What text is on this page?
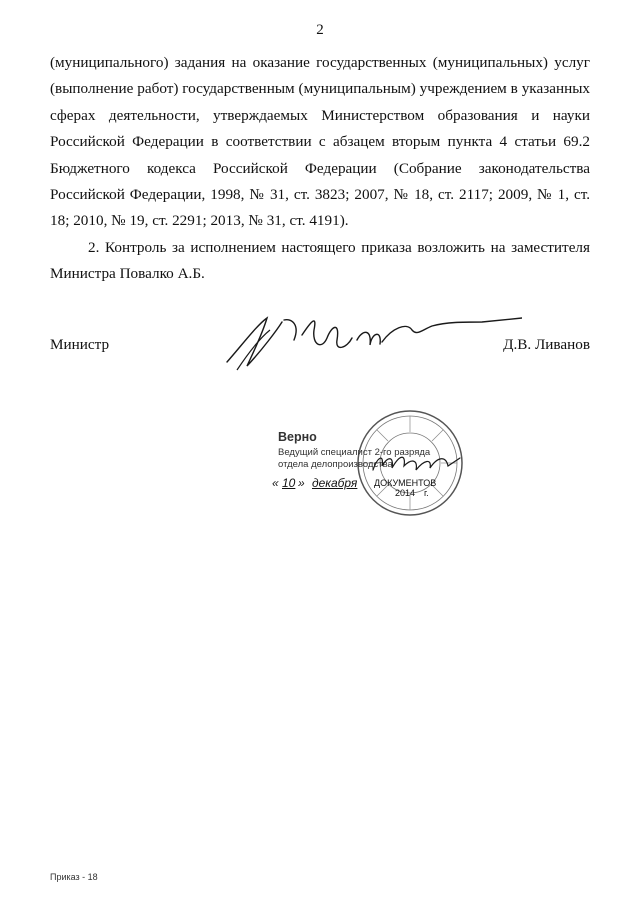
2

(муниципального) задания на оказание государственных (муниципальных) услуг (выполнение работ) государственным (муниципальным) учреждением в указанных сферах деятельности, утверждаемых Министерством образования и науки Российской Федерации в соответствии с абзацем вторым пункта 4 статьи 69.2 Бюджетного кодекса Российской Федерации (Собрание законодательства Российской Федерации, 1998, № 31, ст. 3823; 2007, № 18, ст. 2117; 2009, № 1, ст. 18; 2010, № 19, ст. 2291; 2013, № 31, ст. 4191).

2. Контроль за исполнением настоящего приказа возложить на заместителя Министра Повалко А.Б.

Министр	Д.В. Ливанов
Верно
Ведущий специалист 2-го разряда
отдела делопроизводства
« 10 » декабря ДОКУМЕНТОВ
2014 г.
Приказ - 18
